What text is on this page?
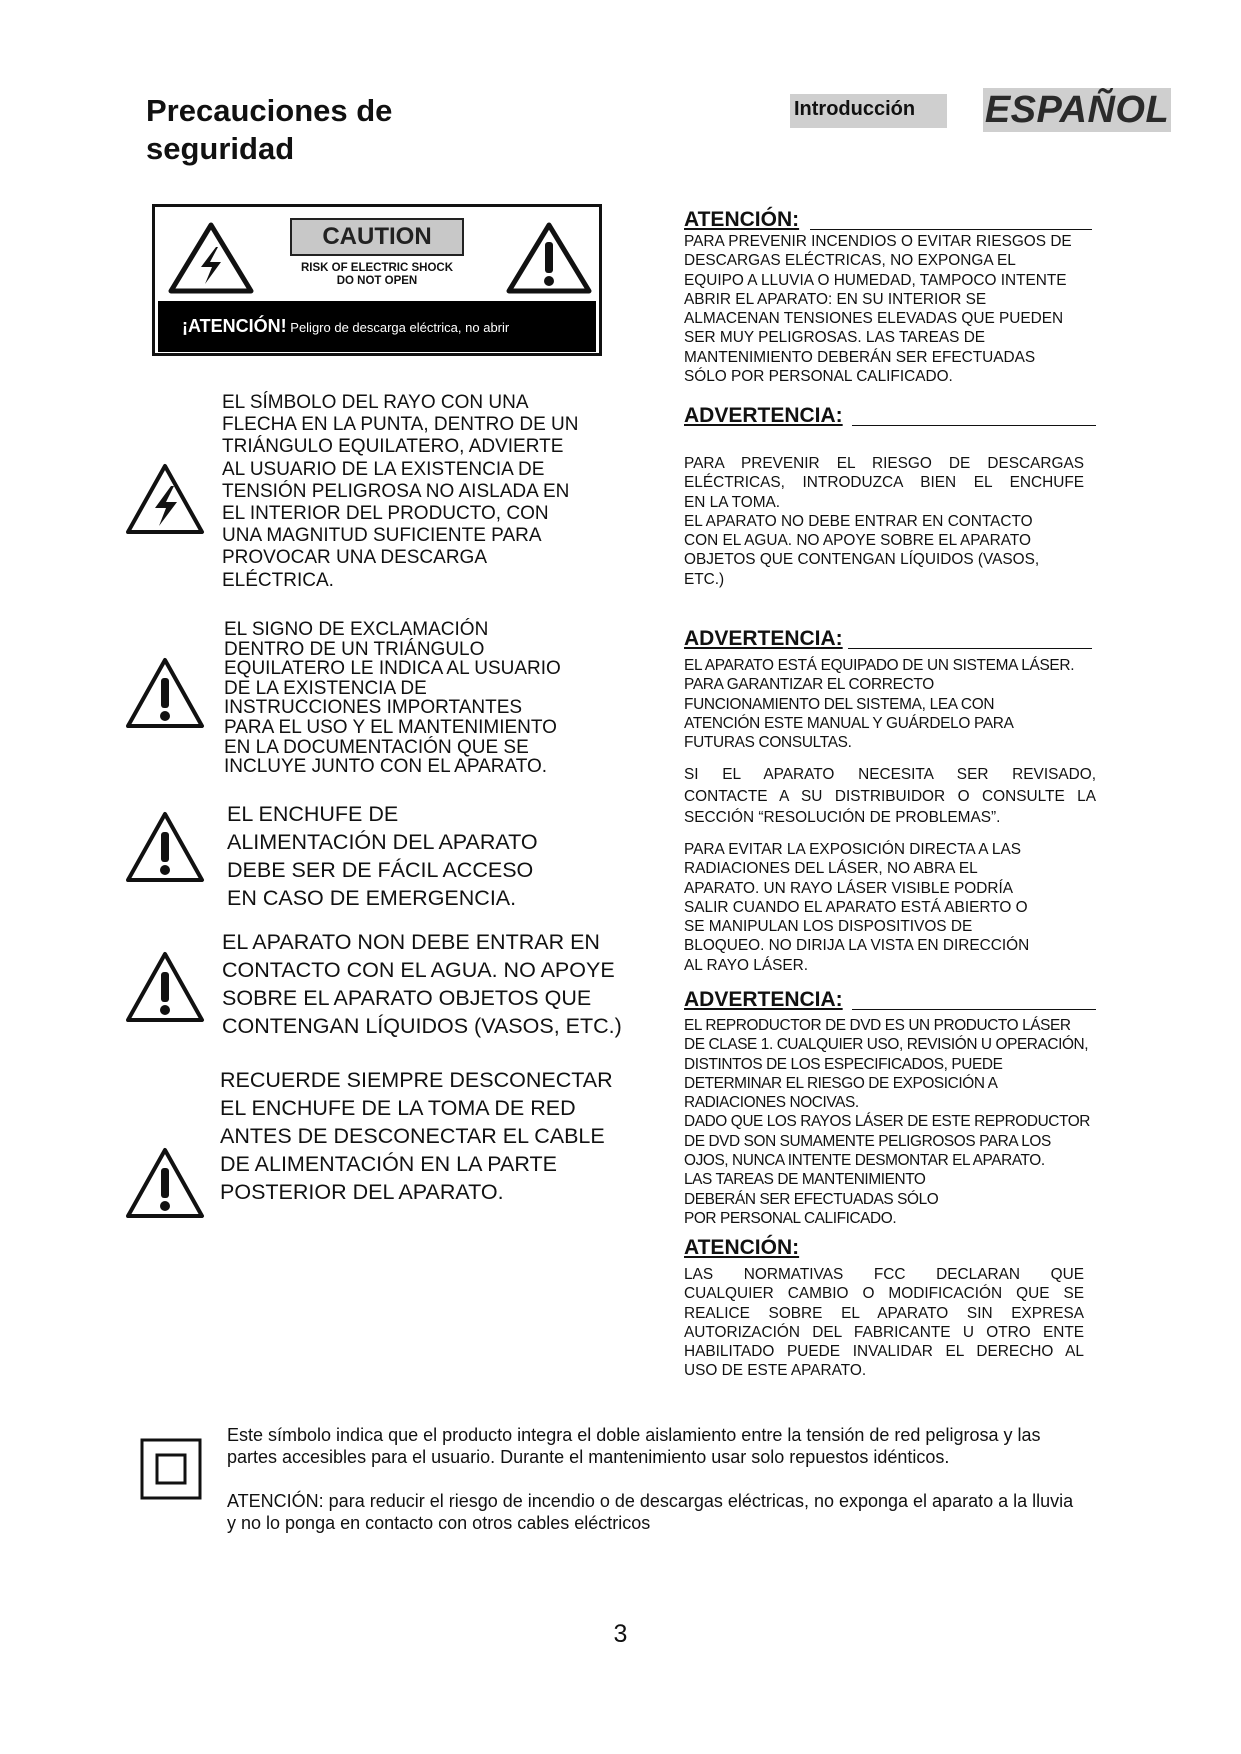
Precauciones de
seguridad
Introducción	ESPAÑOL
CAUTION
RISK OF ELECTRIC SHOCK
DO NOT OPEN
¡ATENCIÓN! Peligro de descarga eléctrica, no abrir
EL SÍMBOLO DEL RAYO CON UNA
FLECHA EN LA PUNTA, DENTRO DE UN
TRIÁNGULO EQUILATERO, ADVIERTE
AL USUARIO DE LA EXISTENCIA DE
TENSIÓN PELIGROSA NO AISLADA EN
EL INTERIOR DEL PRODUCTO, CON
UNA MAGNITUD SUFICIENTE PARA
PROVOCAR UNA DESCARGA
ELÉCTRICA.
EL SIGNO DE EXCLAMACIÓN
DENTRO DE UN TRIÁNGULO
EQUILATERO LE INDICA AL USUARIO
DE LA EXISTENCIA DE
INSTRUCCIONES IMPORTANTES
PARA EL USO Y EL MANTENIMIENTO
EN LA DOCUMENTACIÓN QUE SE
INCLUYE JUNTO CON EL APARATO.
EL ENCHUFE DE
ALIMENTACIÓN DEL APARATO
DEBE SER DE FÁCIL ACCESO
EN CASO DE EMERGENCIA.
EL APARATO NON DEBE ENTRAR EN
CONTACTO CON EL AGUA. NO APOYE
SOBRE EL APARATO OBJETOS QUE
CONTENGAN LÍQUIDOS (VASOS, ETC.)
RECUERDE SIEMPRE DESCONECTAR
EL ENCHUFE DE LA TOMA DE RED
ANTES DE DESCONECTAR EL CABLE
DE ALIMENTACIÓN EN LA PARTE
POSTERIOR DEL APARATO.
ATENCIÓN:
PARA PREVENIR INCENDIOS O EVITAR RIESGOS DE
DESCARGAS ELÉCTRICAS, NO EXPONGA EL
EQUIPO A LLUVIA O HUMEDAD, TAMPOCO INTENTE
ABRIR EL APARATO: EN SU INTERIOR SE
ALMACENAN TENSIONES ELEVADAS QUE PUEDEN
SER MUY PELIGROSAS. LAS TAREAS DE
MANTENIMIENTO DEBERÁN SER EFECTUADAS
SÓLO POR PERSONAL CALIFICADO.
ADVERTENCIA:
PARA PREVENIR EL RIESGO DE DESCARGAS
ELÉCTRICAS, INTRODUZCA BIEN EL ENCHUFE
EN LA TOMA.
EL APARATO NO DEBE ENTRAR EN CONTACTO
CON EL AGUA. NO APOYE SOBRE EL APARATO
OBJETOS QUE CONTENGAN LÍQUIDOS (VASOS,
ETC.)
ADVERTENCIA:
EL APARATO ESTÁ EQUIPADO DE UN SISTEMA LÁSER.
PARA GARANTIZAR EL CORRECTO
FUNCIONAMIENTO DEL SISTEMA, LEA CON
ATENCIÓN ESTE MANUAL Y GUÁRDELO PARA
FUTURAS CONSULTAS.
SI EL APARATO NECESITA SER REVISADO,
CONTACTE A SU DISTRIBUIDOR O CONSULTE LA
SECCIÓN “RESOLUCIÓN DE PROBLEMAS”.
PARA EVITAR LA EXPOSICIÓN DIRECTA A LAS
RADIACIONES DEL LÁSER, NO ABRA EL
APARATO. UN RAYO LÁSER VISIBLE PODRÍA
SALIR CUANDO EL APARATO ESTÁ ABIERTO O
SE MANIPULAN LOS DISPOSITIVOS DE
BLOQUEO. NO DIRIJA LA VISTA EN DIRECCIÓN
AL RAYO LÁSER.
ADVERTENCIA:
EL REPRODUCTOR DE DVD ES UN PRODUCTO LÁSER
DE CLASE 1. CUALQUIER USO, REVISIÓN U OPERACIÓN,
DISTINTOS DE LOS ESPECIFICADOS, PUEDE
DETERMINAR EL RIESGO DE EXPOSICIÓN A
RADIACIONES NOCIVAS.
DADO QUE LOS RAYOS LÁSER DE ESTE REPRODUCTOR
DE DVD SON SUMAMENTE PELIGROSOS PARA LOS
OJOS, NUNCA INTENTE DESMONTAR EL APARATO.
LAS TAREAS DE MANTENIMIENTO
DEBERÁN SER EFECTUADAS SÓLO
POR PERSONAL CALIFICADO.
ATENCIÓN:
LAS NORMATIVAS FCC DECLARAN QUE
CUALQUIER CAMBIO O MODIFICACIÓN QUE SE
REALICE SOBRE EL APARATO SIN EXPRESA
AUTORIZACIÓN DEL FABRICANTE U OTRO ENTE
HABILITADO PUEDE INVALIDAR EL DERECHO AL
USO DE ESTE APARATO.
Este símbolo indica que el producto integra el doble aislamiento entre la tensión de red peligrosa y las
partes accesibles para el usuario. Durante el mantenimiento usar solo repuestos idénticos.
ATENCIÓN: para reducir el riesgo de incendio o de descargas eléctricas, no exponga el aparato a la lluvia
y no lo ponga en contacto con otros cables eléctricos
3
